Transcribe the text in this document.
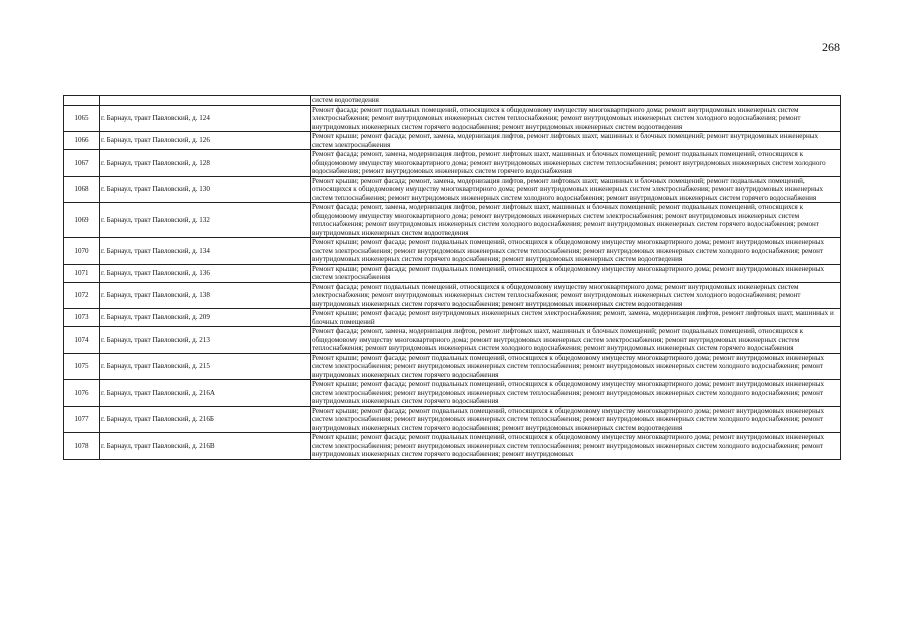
268
		систем водоотведения
1065	г. Барнаул, тракт Павловский, д. 124	Ремонт фасада; ремонт подвальных помещений, относящихся к общедомовому имуществу многоквартирного дома; ремонт внутридомовых инженерных систем электроснабжения; ремонт внутридомовых инженерных систем теплоснабжения; ремонт внутридомовых инженерных систем холодного водоснабжения; ремонт внутридомовых инженерных систем горячего водоснабжения; ремонт внутридомовых инженерных систем водоотведения
1066	г. Барнаул, тракт Павловский, д. 126	Ремонт крыши; ремонт фасада; ремонт, замена, модернизация лифтов, ремонт лифтовых шахт, машинных и блочных помещений; ремонт внутридомовых инженерных систем электроснабжения
1067	г. Барнаул, тракт Павловский, д. 128	Ремонт фасада; ремонт, замена, модернизация лифтов, ремонт лифтовых шахт, машинных и блочных помещений; ремонт подвальных помещений, относящихся к общедомовому имуществу многоквартирного дома; ремонт внутридомовых инженерных систем теплоснабжения; ремонт внутридомовых инженерных систем холодного водоснабжения; ремонт внутридомовых инженерных систем горячего водоснабжения
1068	г. Барнаул, тракт Павловский, д. 130	Ремонт крыши; ремонт фасада; ремонт, замена, модернизация лифтов, ремонт лифтовых шахт, машинных и блочных помещений; ремонт подвальных помещений, относящихся к общедомовому имуществу многоквартирного дома; ремонт внутридомовых инженерных систем электроснабжения; ремонт внутридомовых инженерных систем теплоснабжения; ремонт внутридомовых инженерных систем холодного водоснабжения; ремонт внутридомовых инженерных систем горячего водоснабжения
1069	г. Барнаул, тракт Павловский, д. 132	Ремонт фасада; ремонт, замена, модернизация лифтов, ремонт лифтовых шахт, машинных и блочных помещений; ремонт подвальных помещений, относящихся к общедомовому имуществу многоквартирного дома; ремонт внутридомовых инженерных систем электроснабжения; ремонт внутридомовых инженерных систем теплоснабжения; ремонт внутридомовых инженерных систем холодного водоснабжения; ремонт внутридомовых инженерных систем горячего водоснабжения; ремонт внутридомовых инженерных систем водоотведения
1070	г. Барнаул, тракт Павловский, д. 134	Ремонт крыши; ремонт фасада; ремонт подвальных помещений, относящихся к общедомовому имуществу многоквартирного дома; ремонт внутридомовых инженерных систем электроснабжения; ремонт внутридомовых инженерных систем теплоснабжения; ремонт внутридомовых инженерных систем холодного водоснабжения; ремонт внутридомовых инженерных систем горячего водоснабжения; ремонт внутридомовых инженерных систем водоотведения
1071	г. Барнаул, тракт Павловский, д. 136	Ремонт крыши; ремонт фасада; ремонт подвальных помещений, относящихся к общедомовому имуществу многоквартирного дома; ремонт внутридомовых инженерных систем электроснабжения
1072	г. Барнаул, тракт Павловский, д. 138	Ремонт фасада; ремонт подвальных помещений, относящихся к общедомовому имуществу многоквартирного дома; ремонт внутридомовых инженерных систем электроснабжения; ремонт внутридомовых инженерных систем теплоснабжения; ремонт внутридомовых инженерных систем холодного водоснабжения; ремонт внутридомовых инженерных систем горячего водоснабжения; ремонт внутридомовых инженерных систем водоотведения
1073	г. Барнаул, тракт Павловский, д. 209	Ремонт крыши; ремонт фасада; ремонт внутридомовых инженерных систем электроснабжения; ремонт, замена, модернизация лифтов, ремонт лифтовых шахт, машинных и блочных помещений
1074	г. Барнаул, тракт Павловский, д. 213	Ремонт фасада; ремонт, замена, модернизация лифтов, ремонт лифтовых шахт, машинных и блочных помещений; ремонт подвальных помещений, относящихся к общедомовому имуществу многоквартирного дома; ремонт внутридомовых инженерных систем электроснабжения; ремонт внутридомовых инженерных систем теплоснабжения; ремонт внутридомовых инженерных систем холодного водоснабжения; ремонт внутридомовых инженерных систем горячего водоснабжения
1075	г. Барнаул, тракт Павловский, д. 215	Ремонт крыши; ремонт фасада; ремонт подвальных помещений, относящихся к общедомовому имуществу многоквартирного дома; ремонт внутридомовых инженерных систем электроснабжения; ремонт внутридомовых инженерных систем теплоснабжения; ремонт внутридомовых инженерных систем холодного водоснабжения; ремонт внутридомовых инженерных систем горячего водоснабжения
1076	г. Барнаул, тракт Павловский, д. 216А	Ремонт крыши; ремонт фасада; ремонт подвальных помещений, относящихся к общедомовому имуществу многоквартирного дома; ремонт внутридомовых инженерных систем электроснабжения; ремонт внутридомовых инженерных систем теплоснабжения; ремонт внутридомовых инженерных систем холодного водоснабжения; ремонт внутридомовых инженерных систем горячего водоснабжения
1077	г. Барнаул, тракт Павловский, д. 216Б	Ремонт крыши; ремонт фасада; ремонт подвальных помещений, относящихся к общедомовому имуществу многоквартирного дома; ремонт внутридомовых инженерных систем электроснабжения; ремонт внутридомовых инженерных систем теплоснабжения; ремонт внутридомовых инженерных систем холодного водоснабжения; ремонт внутридомовых инженерных систем горячего водоснабжения; ремонт внутридомовых инженерных систем водоотведения
1078	г. Барнаул, тракт Павловский, д. 216В	Ремонт крыши; ремонт фасада; ремонт подвальных помещений, относящихся к общедомовому имуществу многоквартирного дома; ремонт внутридомовых инженерных систем электроснабжения; ремонт внутридомовых инженерных систем теплоснабжения; ремонт внутридомовых инженерных систем холодного водоснабжения; ремонт внутридомовых инженерных систем горячего водоснабжения; ремонт внутридомовых
